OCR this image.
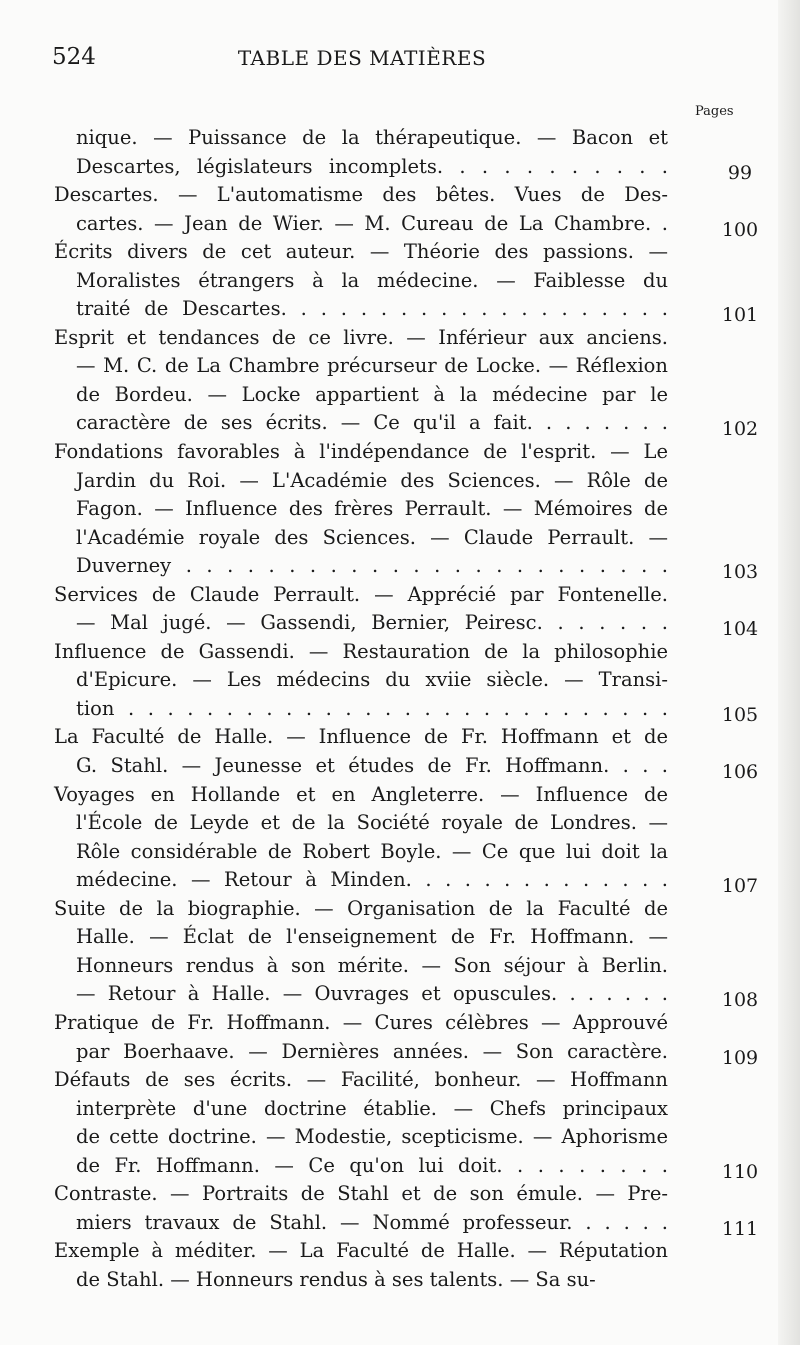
524	TABLE DES MATIÈRES
Pages
nique. — Puissance de la thérapeutique. — Bacon et
Descartes, législateurs incomplets. . . . . . . . . . .	99
Descartes. — L'automatisme des bêtes. Vues de Des-
cartes. — Jean de Wier. — M. Cureau de La Chambre. .	100
Écrits divers de cet auteur. — Théorie des passions. —
Moralistes étrangers à la médecine. — Faiblesse du
traité de Descartes. . . . . . . . . . . . . . . . . . . .	101
Esprit et tendances de ce livre. — Inférieur aux anciens.
— M. C. de La Chambre précurseur de Locke. — Réflexion
de Bordeu. — Locke appartient à la médecine par le
caractère de ses écrits. — Ce qu'il a fait. . . . . . . .	102
Fondations favorables à l'indépendance de l'esprit. — Le
Jardin du Roi. — L'Académie des Sciences. — Rôle de
Fagon. — Influence des frères Perrault. — Mémoires de
l'Académie royale des Sciences. — Claude Perrault. —
Duverney . . . . . . . . . . . . . . . . . . . . . . . .	103
Services de Claude Perrault. — Apprécié par Fontenelle.
— Mal jugé. — Gassendi, Bernier, Peiresc. . . . . . .	104
Influence de Gassendi. — Restauration de la philosophie
d'Epicure. — Les médecins du xviie siècle. — Transi-
tion . . . . . . . . . . . . . . . . . . . . . . . . . . . .	105
La Faculté de Halle. — Influence de Fr. Hoffmann et de
G. Stahl. — Jeunesse et études de Fr. Hoffmann. . . .	106
Voyages en Hollande et en Angleterre. — Influence de
l'École de Leyde et de la Société royale de Londres. —
Rôle considérable de Robert Boyle. — Ce que lui doit la
médecine. — Retour à Minden. . . . . . . . . . . . . .	107
Suite de la biographie. — Organisation de la Faculté de
Halle. — Éclat de l'enseignement de Fr. Hoffmann. —
Honneurs rendus à son mérite. — Son séjour à Berlin.
— Retour à Halle. — Ouvrages et opuscules. . . . . . .	108
Pratique de Fr. Hoffmann. — Cures célèbres — Approuvé
par Boerhaave. — Dernières années. — Son caractère.	109
Défauts de ses écrits. — Facilité, bonheur. — Hoffmann
interprète d'une doctrine établie. — Chefs principaux
de cette doctrine. — Modestie, scepticisme. — Aphorisme
de Fr. Hoffmann. — Ce qu'on lui doit. . . . . . . . .	110
Contraste. — Portraits de Stahl et de son émule. — Pre-
miers travaux de Stahl. — Nommé professeur. . . . . .	111
Exemple à méditer. — La Faculté de Halle. — Réputation
de Stahl. — Honneurs rendus à ses talents. — Sa su-
